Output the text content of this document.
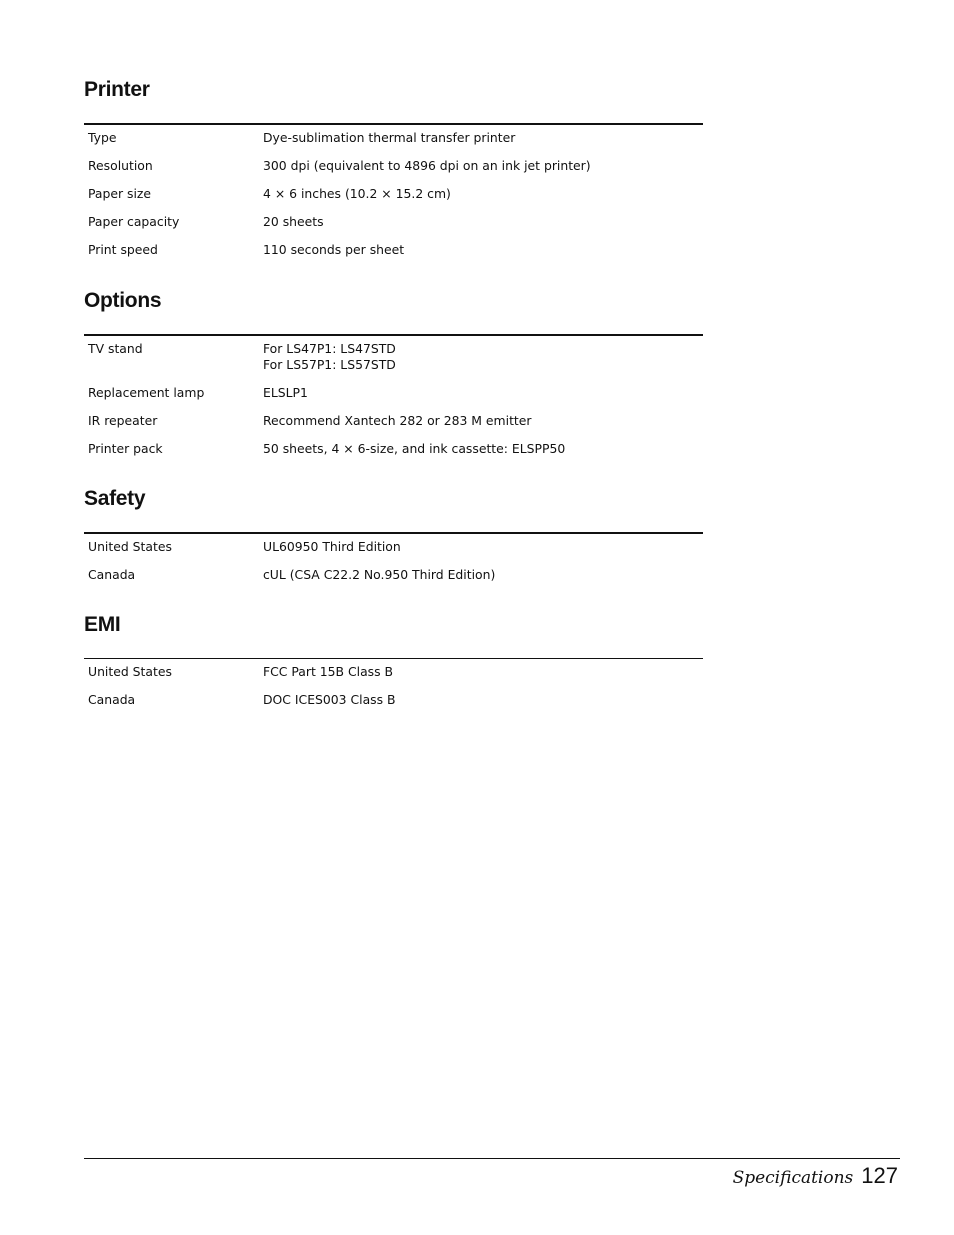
Printer
Type	Dye-sublimation thermal transfer printer
Resolution	300 dpi (equivalent to 4896 dpi on an ink jet printer)
Paper size	4 × 6 inches (10.2 × 15.2 cm)
Paper capacity	20 sheets
Print speed	110 seconds per sheet
Options
TV stand	For LS47P1: LS47STD
For LS57P1: LS57STD
Replacement lamp	ELSLP1
IR repeater	Recommend Xantech 282 or 283 M emitter
Printer pack	50 sheets, 4 × 6-size, and ink cassette: ELSPP50
Safety
United States	UL60950 Third Edition
Canada	cUL (CSA C22.2 No.950 Third Edition)
EMI
United States	FCC Part 15B Class B
Canada	DOC ICES003 Class B
Specifications 127
